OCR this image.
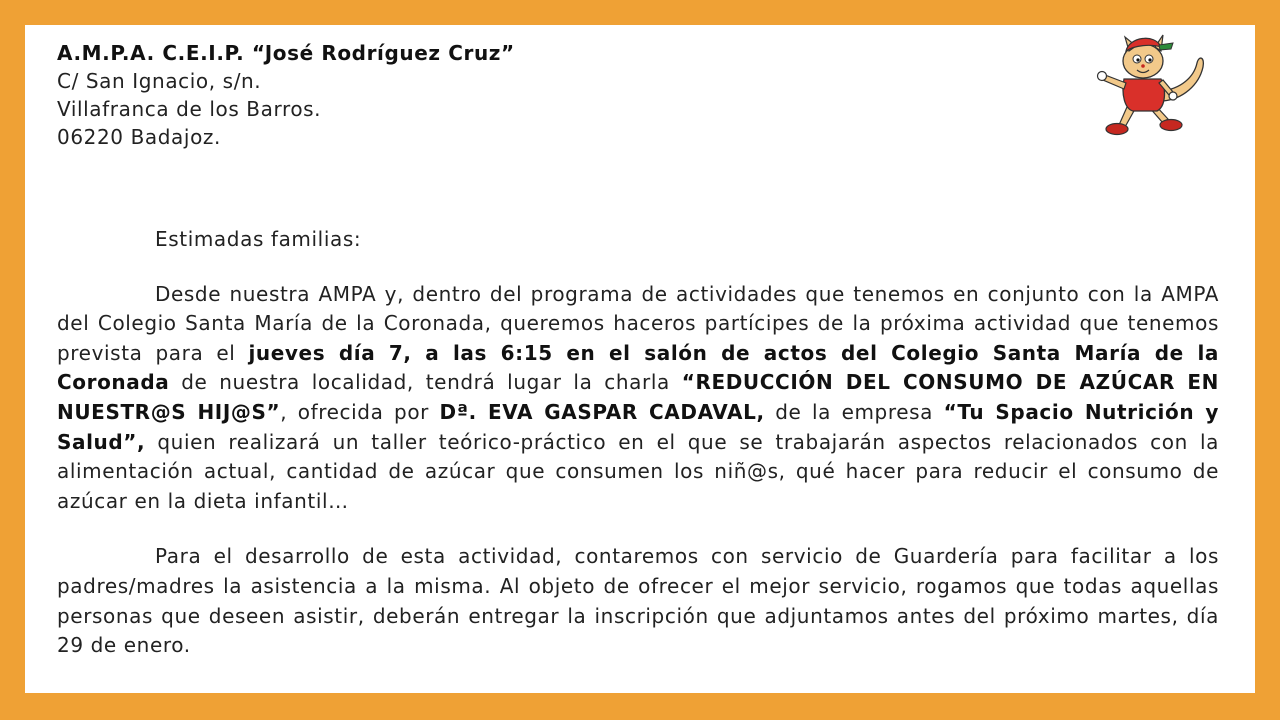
A.M.P.A. C.E.I.P. “José Rodríguez Cruz”
C/ San Ignacio, s/n.
Villafranca de los Barros.
06220 Badajoz.

Estimadas familias:

Desde nuestra AMPA y, dentro del programa de actividades que tenemos en conjunto con la AMPA del Colegio Santa María de la Coronada, queremos haceros partícipes de la próxima actividad que tenemos prevista para el jueves día 7, a las 6:15 en el salón de actos del Colegio Santa María de la Coronada de nuestra localidad, tendrá lugar la charla “REDUCCIÓN DEL CONSUMO DE AZÚCAR EN NUESTR@S HIJ@S”, ofrecida por Dª. EVA GASPAR CADAVAL, de la empresa “Tu Spacio Nutrición y Salud”, quien realizará un taller teórico-práctico en el que se trabajarán aspectos relacionados con la alimentación actual, cantidad de azúcar que consumen los niñ@s, qué hacer para reducir el consumo de azúcar en la dieta infantil…

Para el desarrollo de esta actividad, contaremos con servicio de Guardería para facilitar a los padres/madres la asistencia a la misma. Al objeto de ofrecer el mejor servicio, rogamos que todas aquellas personas que deseen asistir, deberán entregar la inscripción que adjuntamos antes del próximo martes, día 29 de enero.
